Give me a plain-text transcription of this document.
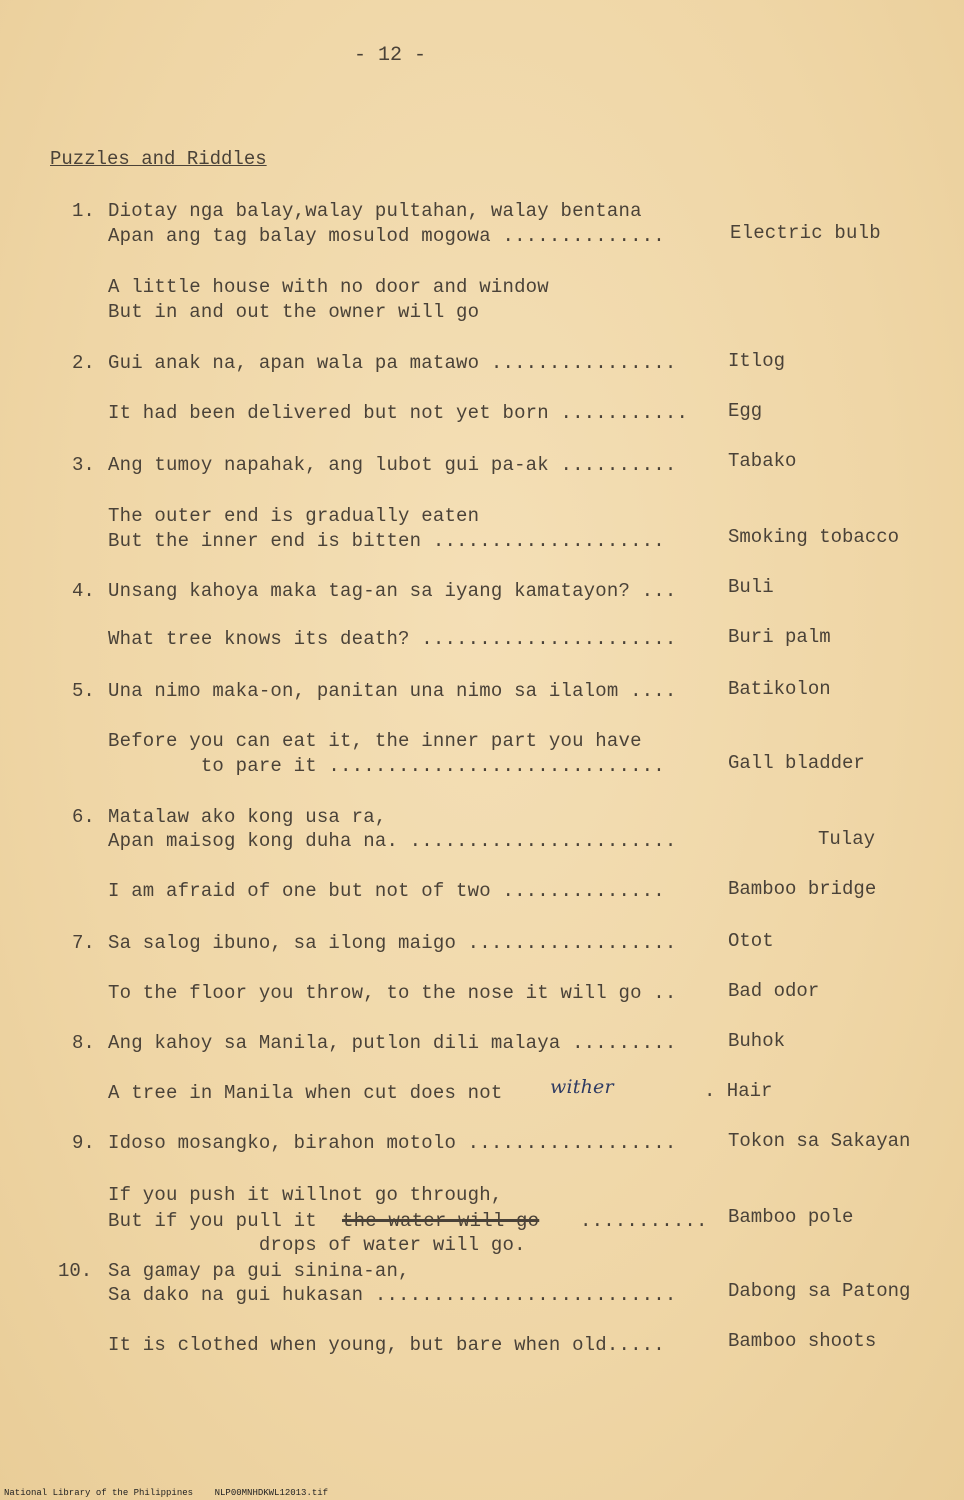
- 12 -
Puzzles and Riddles
1. Diotay nga balay,walay pultahan, walay bentana
Apan ang tag balay mosulod mogowa ..............	Electric bulb
A little house with no door and window
But in and out the owner will go
2. Gui anak na, apan wala pa matawo ................	Itlog
It had been delivered but not yet born ........... Egg
3. Ang tumoy napahak, ang lubot gui pa-ak ..........	Tabako
The outer end is gradually eaten
But the inner end is bitten ....................	Smoking tobacco
4. Unsang kahoya maka tag-an sa iyang kamatayon? ...	Buli
What tree knows its death? ......................	Buri palm
5. Una nimo maka-on, panitan una nimo sa ilalom ....	Batikolon
Before you can eat it, the inner part you have
to pare it .............................	Gall bladder
6. Matalaw ako kong usa ra,
Apan maisog kong duha na. .......................	Tulay
I am afraid of one but not of two ..............	Bamboo bridge
7. Sa salog ibuno, sa ilong maigo ..................	Otot
To the floor you throw, to the nose it will go ..	Bad odor
8. Ang kahoy sa Manila, putlon dili malaya .........	Buhok
A tree in Manila when cut does not	wither	. Hair
9. Idoso mosangko, birahon motolo ..................	Tokon sa Sakayan
If you push it willnot go through,
But if you pull it the water will go ........... Bamboo pole
drops of water will go.
10. Sa gamay pa gui sinina-an,
Sa dako na gui hukasan ..........................	Dabong sa Patong
It is clothed when young, but bare when old.....	Bamboo shoots
National Library of the Philippines    NLP00MNHDKWL12013.tif
